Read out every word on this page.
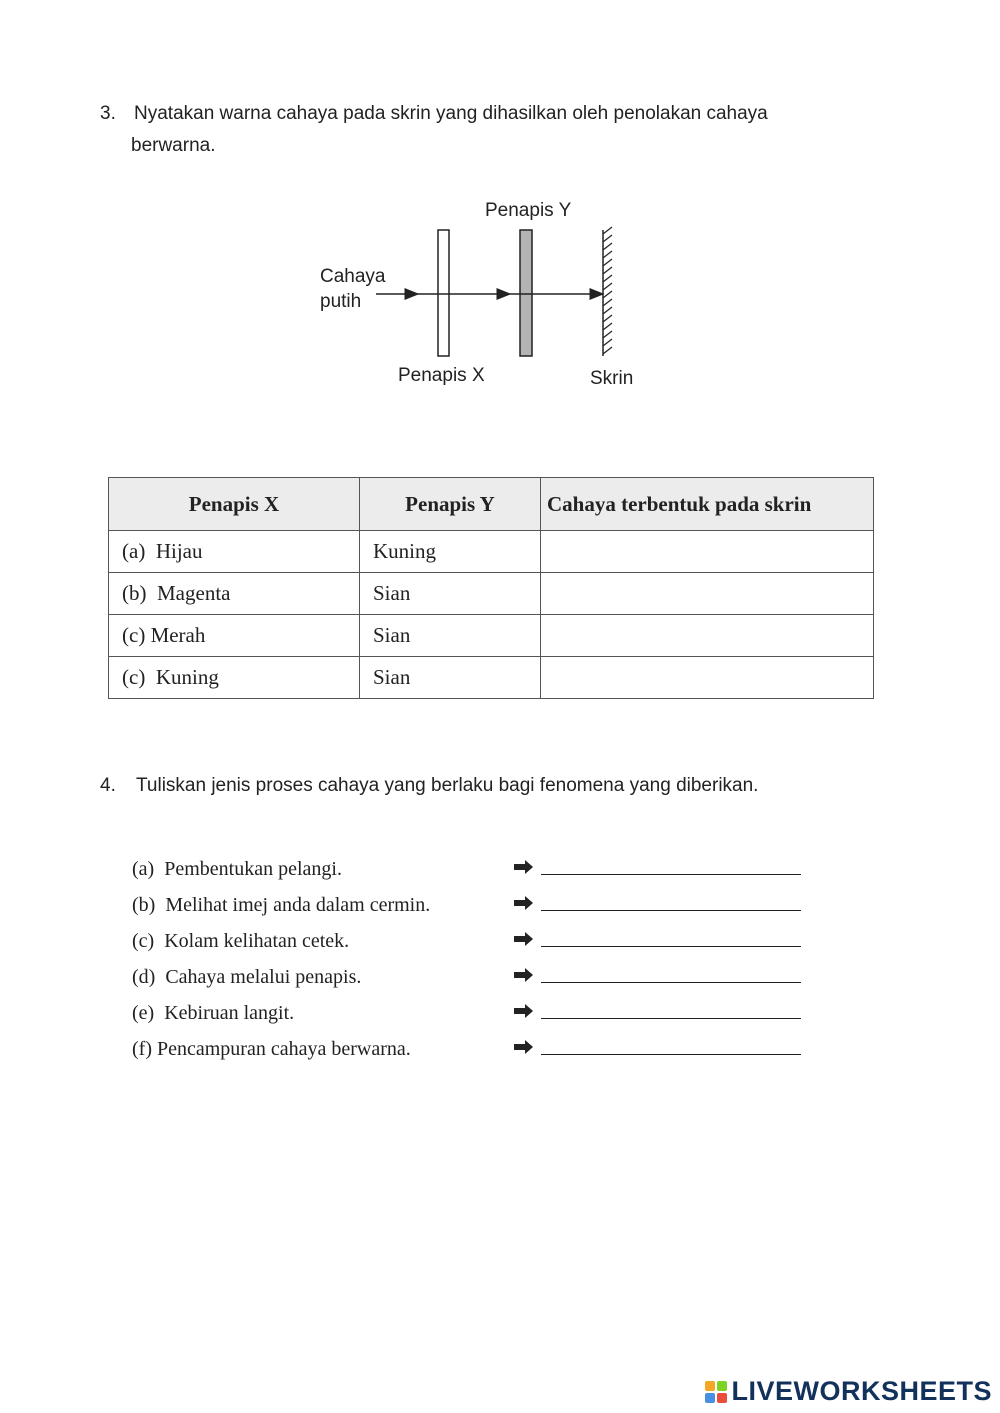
3. Nyatakan warna cahaya pada skrin yang dihasilkan oleh penolakan cahaya
berwarna.
Penapis Y
Cahaya
putih
Penapis X	Skrin
Penapis X	Penapis Y	Cahaya terbentuk pada skrin
(a) Hijau	Kuning	
(b) Magenta	Sian	
(c) Merah	Sian	
(c) Kuning	Sian	
4. Tuliskan jenis proses cahaya yang berlaku bagi fenomena yang diberikan.
(a) Pembentukan pelangi.
(b) Melihat imej anda dalam cermin.
(c) Kolam kelihatan cetek.
(d) Cahaya melalui penapis.
(e) Kebiruan langit.
(f) Pencampuran cahaya berwarna.
LIVEWORKSHEETS
